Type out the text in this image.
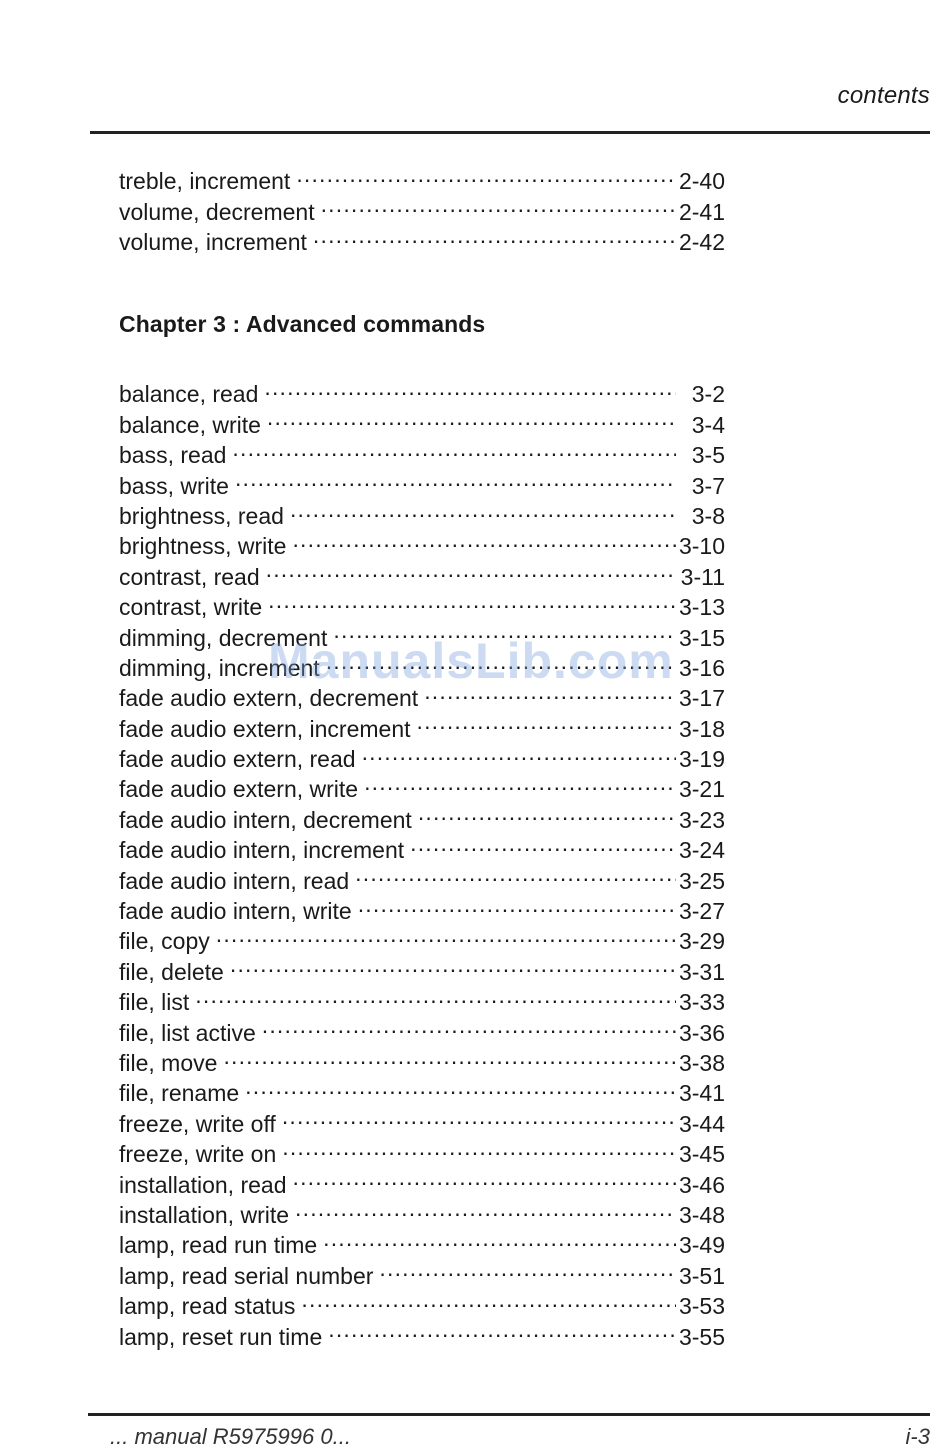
contents
treble, increment . . .	2-40
volume, decrement . . .	2-41
volume, increment . . .	2-42
Chapter 3 : Advanced commands
balance, read . . .	3-2
balance, write . . .	3-4
bass, read . . .	3-5
bass, write . . .	3-7
brightness, read . . .	3-8
brightness, write . . .	3-10
contrast, read . . .	3-11
contrast, write . . .	3-13
dimming, decrement . . .	3-15
dimming, increment . . .	3-16
fade audio extern, decrement . . .	3-17
fade audio extern, increment . . .	3-18
fade audio extern, read . . .	3-19
fade audio extern, write . . .	3-21
fade audio intern, decrement . . .	3-23
fade audio intern, increment . . .	3-24
fade audio intern, read . . .	3-25
fade audio intern, write . . .	3-27
file, copy . . .	3-29
file, delete . . .	3-31
file, list . . .	3-33
file, list active . . .	3-36
file, move . . .	3-38
file, rename . . .	3-41
freeze, write off . . .	3-44
freeze, write on . . .	3-45
installation, read . . .	3-46
installation, write . . .	3-48
lamp, read run time . . .	3-49
lamp, read serial number . . .	3-51
lamp, read status . . .	3-53
lamp, reset run time . . .	3-55
ManualsLib.com
... manual R5975996 0...	i-3
